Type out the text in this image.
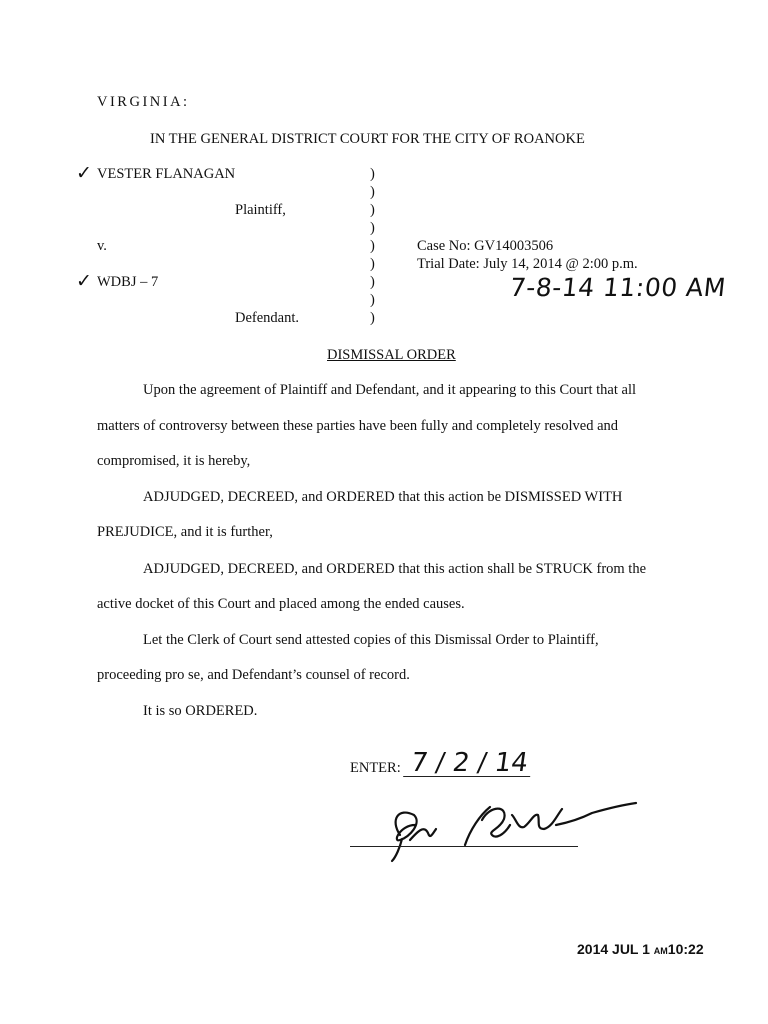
VIRGINIA:
IN THE GENERAL DISTRICT COURT FOR THE CITY OF ROANOKE
✓ VESTER FLANAGAN
Plaintiff,
v.
✓ WDBJ – 7
Defendant.
)
)
)
)
)
)
)
)
)
Case No: GV14003506
Trial Date: July 14, 2014 @ 2:00 p.m.
7-8-14 11:00 AM
DISMISSAL ORDER
Upon the agreement of Plaintiff and Defendant, and it appearing to this Court that all
matters of controversy between these parties have been fully and completely resolved and
compromised, it is hereby,
ADJUDGED, DECREED, and ORDERED that this action be DISMISSED WITH
PREJUDICE, and it is further,
ADJUDGED, DECREED, and ORDERED that this action shall be STRUCK from the
active docket of this Court and placed among the ended causes.
Let the Clerk of Court send attested copies of this Dismissal Order to Plaintiff,
proceeding pro se, and Defendant’s counsel of record.
It is so ORDERED.
ENTER: 7 / 2 / 14
2014 JUL 1 AM10:22
